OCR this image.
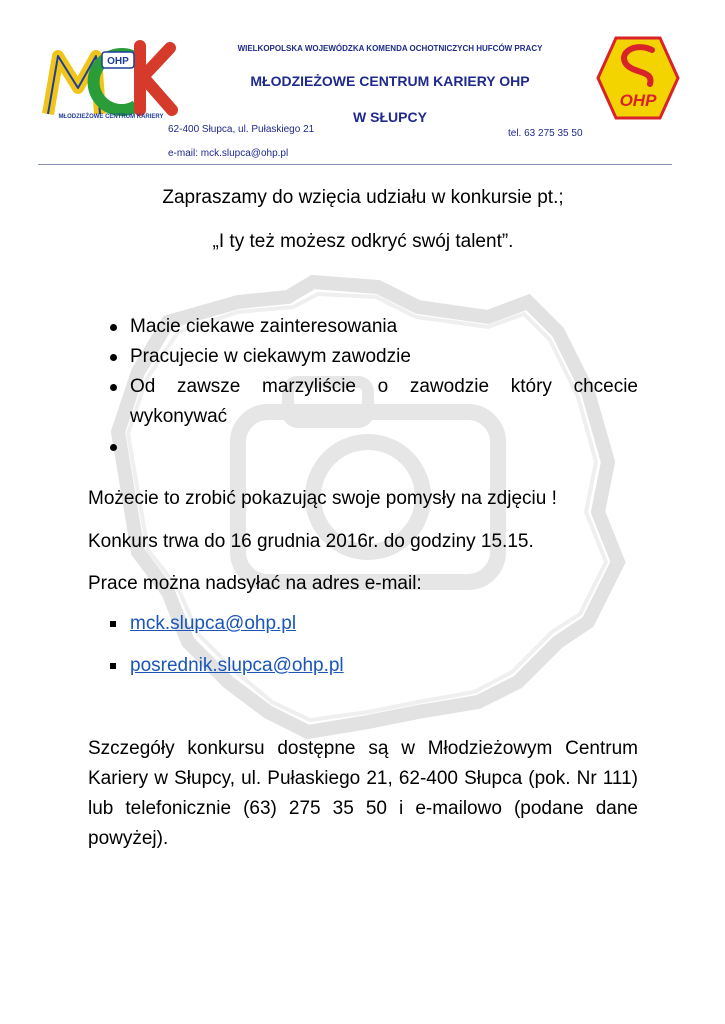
OHP
MŁODZIEŻOWE CENTRUM KARIERY
OHP
WIELKOPOLSKA WOJEWÓDZKA KOMENDA OCHOTNICZYCH HUFCÓW PRACY
MŁODZIEŻOWE CENTRUM KARIERY OHP
W SŁUPCY
62-400 Słupca, ul. Pułaskiego 21	tel. 63 275 35 50
e-mail: mck.slupca@ohp.pl
Zapraszamy do wzięcia udziału w konkursie pt.;
„I ty też możesz odkryć swój talent”.
Macie ciekawe zainteresowania
Pracujecie w ciekawym zawodzie
Od zawsze marzyliście o zawodzie który chcecie wykonywać
Możecie to zrobić pokazując swoje pomysły na zdjęciu !
Konkurs trwa do 16 grudnia 2016r. do godziny 15.15.
Prace można nadsyłać na adres e-mail:
mck.slupca@ohp.pl
posrednik.slupca@ohp.pl
Szczegóły konkursu dostępne są w Młodzieżowym Centrum Kariery w Słupcy, ul. Pułaskiego 21, 62-400 Słupca (pok. Nr 111) lub telefonicznie (63) 275 35 50 i e-mailowo (podane dane powyżej).
